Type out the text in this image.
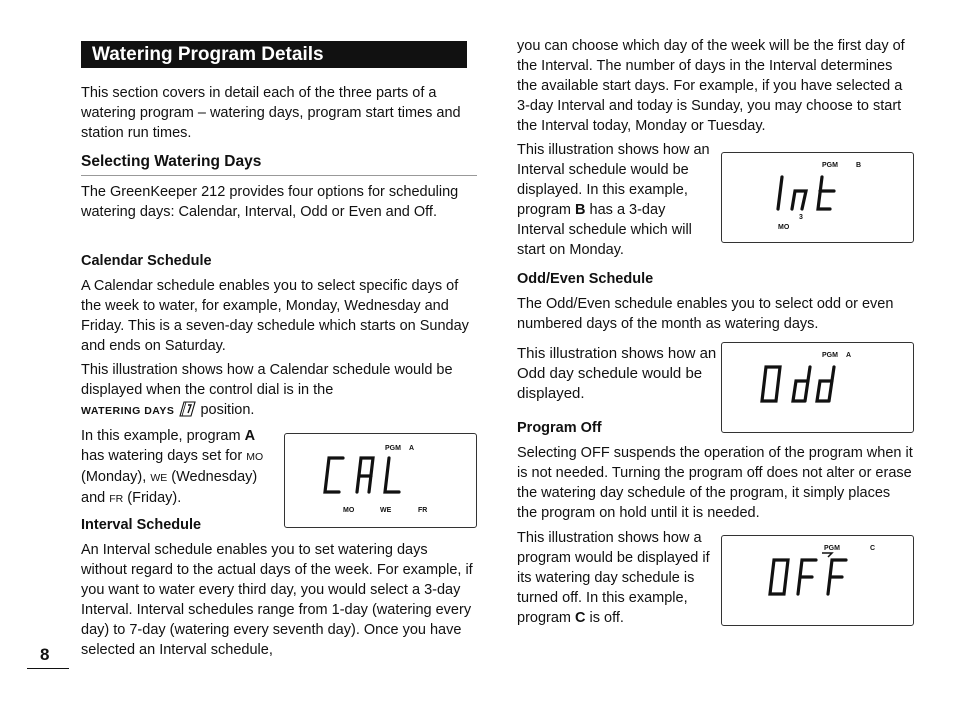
Watering Program Details

This section covers in detail each of the three parts of a watering program – watering days, program start times and station run times.

Selecting Watering Days

The GreenKeeper 212 provides four options for scheduling watering days: Calendar, Interval, Odd or Even and Off.

Calendar Schedule

A Calendar schedule enables you to select specific days of the week to water, for example, Monday, Wednesday and Friday. This is a seven-day schedule which starts on Sunday and ends on Saturday.

This illustration shows how a Calendar schedule would be displayed when the control dial is in the

WATERING DAYS position.
In this example, program A
has watering days set for MO
(Monday), WE (Wednesday)
and FR (Friday).
PGM A
MO	WE	FR
Interval Schedule

An Interval schedule enables you to set watering days without regard to the actual days of the week. For example, if you want to water every third day, you would select a 3-day Interval. Interval schedules range from 1-day (watering every day) to 7-day (watering every seventh day). Once you have selected an Interval schedule,

8

you can choose which day of the week will be the first day of the Interval. The number of days in the Interval determines the available start days. For example, if you have selected a 3-day Interval and today is Sunday, you may choose to start the Interval today, Monday or Tuesday.

This illustration shows how an Interval schedule would be displayed. In this example, program B has a 3-day Interval schedule which will start on Monday.
PGM	B
3
MO
Odd/Even Schedule

The Odd/Even schedule enables you to select odd or even numbered days of the month as watering days.

This illustration shows how an Odd day schedule would be displayed.

PGM A
Program Off

Selecting OFF suspends the operation of the program when it is not needed. Turning the program off does not alter or erase the watering day schedule of the program, it simply places the program on hold until it is needed.

This illustration shows how a program would be displayed if its watering day schedule is turned off. In this example, program C is off.
PGM	C
